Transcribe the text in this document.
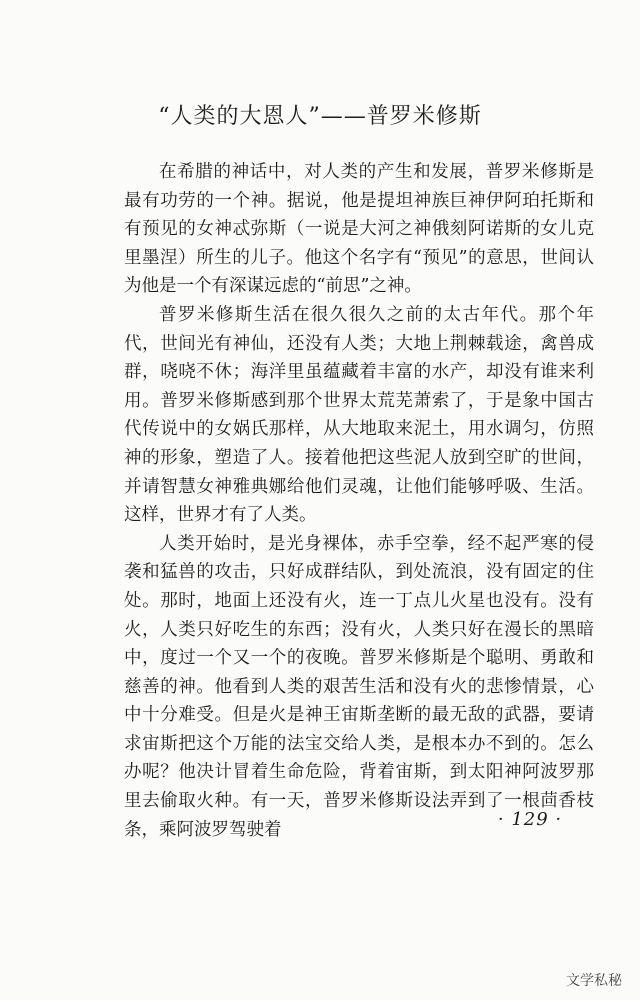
“人类的大恩人”——普罗米修斯

在希腊的神话中，对人类的产生和发展，普罗米修斯是最有功劳的一个神。据说，他是提坦神族巨神伊阿珀托斯和有预见的女神忒弥斯（一说是大河之神俄刻阿诺斯的女儿克里墨涅）所生的儿子。他这个名字有“预见”的意思，世间认为他是一个有深谋远虑的“前思”之神。

普罗米修斯生活在很久很久之前的太古年代。那个年代，世间光有神仙，还没有人类；大地上荆棘载途，禽兽成群，哓哓不休；海洋里虽蕴藏着丰富的水产，却没有谁来利用。普罗米修斯感到那个世界太荒芜萧索了，于是象中国古代传说中的女娲氏那样，从大地取来泥土，用水调匀，仿照神的形象，塑造了人。接着他把这些泥人放到空旷的世间，并请智慧女神雅典娜给他们灵魂，让他们能够呼吸、生活。这样，世界才有了人类。

人类开始时，是光身裸体，赤手空拳，经不起严寒的侵袭和猛兽的攻击，只好成群结队，到处流浪，没有固定的住处。那时，地面上还没有火，连一丁点儿火星也没有。没有火，人类只好吃生的东西；没有火，人类只好在漫长的黑暗中，度过一个又一个的夜晚。普罗米修斯是个聪明、勇敢和慈善的神。他看到人类的艰苦生活和没有火的悲惨情景，心中十分难受。但是火是神王宙斯垄断的最无敌的武器，要请求宙斯把这个万能的法宝交给人类，是根本办不到的。怎么办呢？他决计冒着生命危险，背着宙斯，到太阳神阿波罗那里去偷取火种。有一天，普罗米修斯设法弄到了一根茴香枝条，乘阿波罗驾驶着	· 129 ·
文学私秘
